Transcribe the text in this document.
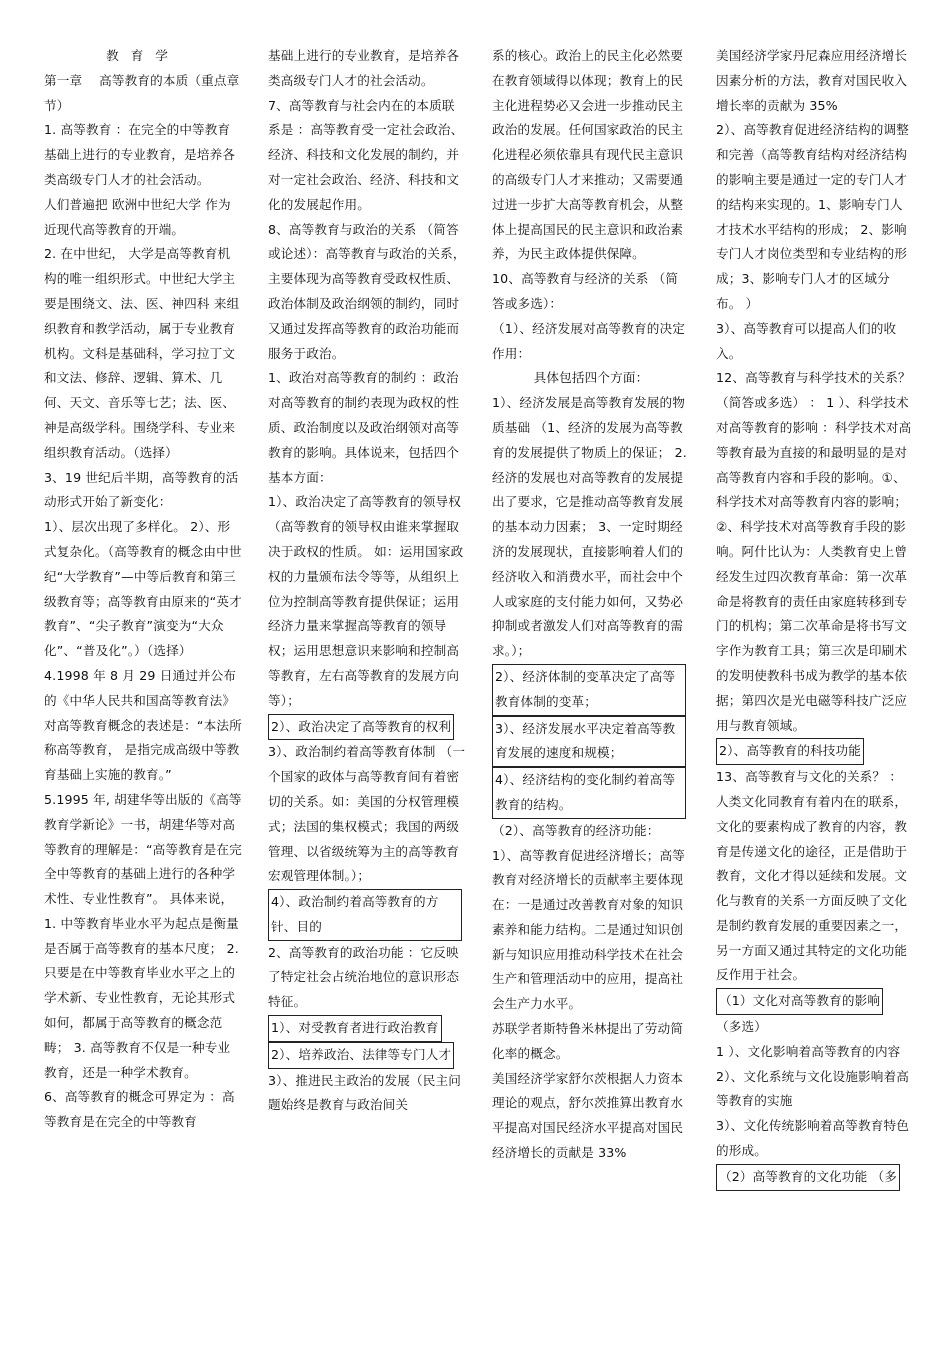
教育学

第一章　 高等教育的本质（重点章节）

1. 高等教育 ：在完全的中等教育基础上进行的专业教育，是培养各类高级专门人才的社会活动。

人们普遍把 欧洲中世纪大学 作为近现代高等教育的开端。

2. 在中世纪， 大学是高等教育机构的唯一组织形式。中世纪大学主要是围绕文、法、医、神四科 来组织教育和教学活动，属于专业教育机构。文科是基础科，学习拉丁文和文法、修辞、逻辑、算术、几何、天文、音乐等七艺；法、医、神是高级学科。围绕学科、专业来组织教育活动。（选择）

3、19 世纪后半期，高等教育的活动形式开始了新变化：

1）、层次出现了多样化。 2）、形式复杂化。（高等教育的概念由中世纪“大学教育”—中等后教育和第三级教育等；高等教育由原来的“英才教育”、“尖子教育”演变为“大众化”、“普及化”。）（选择）

4.1998 年 8 月 29 日通过并公布的《中华人民共和国高等教育法》对高等教育概念的表述是：“本法所称高等教育， 是指完成高级中等教育基础上实施的教育。”

5.1995 年, 胡建华等出版的《高等教育学新论》一书，胡建华等对高等教育的理解是：“高等教育是在完全中等教育的基础上进行的各种学术性、专业性教育”。 具体来说， 1. 中等教育毕业水平为起点是衡量是否属于高等教育的基本尺度； 2. 只要是在中等教育毕业水平之上的学术新、专业性教育，无论其形式如何，都属于高等教育的概念范畴； 3. 高等教育不仅是一种专业教育，还是一种学术教育。

6、高等教育的概念可界定为 ：高等教育是在完全的中等教育

基础上进行的专业教育，是培养各类高级专门人才的社会活动。

7、高等教育与社会内在的本质联系是 ：高等教育受一定社会政治、经济、科技和文化发展的制约，并对一定社会政治、经济、科技和文化的发展起作用。

8、高等教育与政治的关系 （简答或论述）：高等教育与政治的关系，主要体现为高等教育受政权性质、政治体制及政治纲领的制约，同时又通过发挥高等教育的政治功能而服务于政治。

1、政治对高等教育的制约 ：政治对高等教育的制约表现为政权的性质、政治制度以及政治纲领对高等教育的影响。具体说来，包括四个基本方面：

1）、政治决定了高等教育的领导权（高等教育的领导权由谁来掌握取决于政权的性质。 如：运用国家政权的力量颁布法令等等，从组织上位为控制高等教育提供保证；运用经济力量来掌握高等教育的领导权；运用思想意识来影响和控制高等教育，左右高等教育的发展方向等）；

2）、政治决定了高等教育的权利

3）、政治制约着高等教育体制 （一个国家的政体与高等教育间有着密切的关系。如：美国的分权管理模式；法国的集权模式；我国的两级管理、以省级统筹为主的高等教育宏观管理体制。）；

4）、政治制约着高等教育的方针、目的

2、高等教育的政治功能 ：它反映了特定社会占统治地位的意识形态特征。

1）、对受教育者进行政治教育

2）、培养政治、法律等专门人才

3）、推进民主政治的发展（民主问题始终是教育与政治间关

系的核心。政治上的民主化必然要在教育领域得以体现；教育上的民主化进程势必又会进一步推动民主政治的发展。任何国家政治的民主化进程必须依靠具有现代民主意识的高级专门人才来推动；又需要通过进一步扩大高等教育机会，从整体上提高国民的民主意识和政治素养，为民主政体提供保障。

10、高等教育与经济的关系 （简答或多选）：

（1）、经济发展对高等教育的决定作用：

具体包括四个方面：

1）、经济发展是高等教育发展的物质基础 （1、经济的发展为高等教育的发展提供了物质上的保证； 2. 经济的发展也对高等教育的发展提出了要求，它是推动高等教育发展的基本动力因素； 3、一定时期经济的发展现状，直接影响着人们的经济收入和消费水平，而社会中个人或家庭的支付能力如何，又势必抑制或者激发人们对高等教育的需求。）；

2）、经济体制的变革决定了高等教育体制的变革；

3）、经济发展水平决定着高等教育发展的速度和规模；

4）、经济结构的变化制约着高等教育的结构。

（2）、高等教育的经济功能：

1）、高等教育促进经济增长；高等教育对经济增长的贡献率主要体现在：一是通过改善教育对象的知识素养和能力结构。二是通过知识创新与知识应用推动科学技术在社会生产和管理活动中的应用，提高社会生产力水平。

苏联学者斯特鲁米林提出了劳动简化率的概念。

美国经济学家舒尔茨根据人力资本理论的观点，舒尔茨推算出教育水平提高对国民经济水平提高对国民经济增长的贡献是 33%

美国经济学家丹尼森应用经济增长因素分析的方法，教育对国民收入增长率的贡献为 35%

2）、高等教育促进经济结构的调整和完善（高等教育结构对经济结构的影响主要是通过一定的专门人才的结构来实现的。1、影响专门人才技术水平结构的形成； 2、影响专门人才岗位类型和专业结构的形成；3、影响专门人才的区域分布。 ）

3）、高等教育可以提高人们的收入。

12、高等教育与科学技术的关系？（简答或多选） ： 1 ）、科学技术对高等教育的影响 ：科学技术对高等教育最为直接的和最明显的是对高等教育内容和手段的影响。①、科学技术对高等教育内容的影响； ②、科学技术对高等教育手段的影响。阿什比认为：人类教育史上曾经发生过四次教育革命：第一次革命是将教育的责任由家庭转移到专门的机构；第二次革命是将书写文字作为教育工具；第三次是印刷术的发明使教科书成为教学的基本依据；第四次是光电磁等科技广泛应用与教育领域。

2）、高等教育的科技功能

13、高等教育与文化的关系？ ：人类文化同教育有着内在的联系，文化的要素构成了教育的内容，教育是传递文化的途径，正是借助于教育，文化才得以延续和发展。文化与教育的关系一方面反映了文化是制约教育发展的重要因素之一，另一方面又通过其特定的文化功能反作用于社会。

（1）文化对高等教育的影响

（多选）

1 ）、文化影响着高等教育的内容

2）、文化系统与文化设施影响着高等教育的实施

3）、文化传统影响着高等教育特色的形成。

（2）高等教育的文化功能 （多
